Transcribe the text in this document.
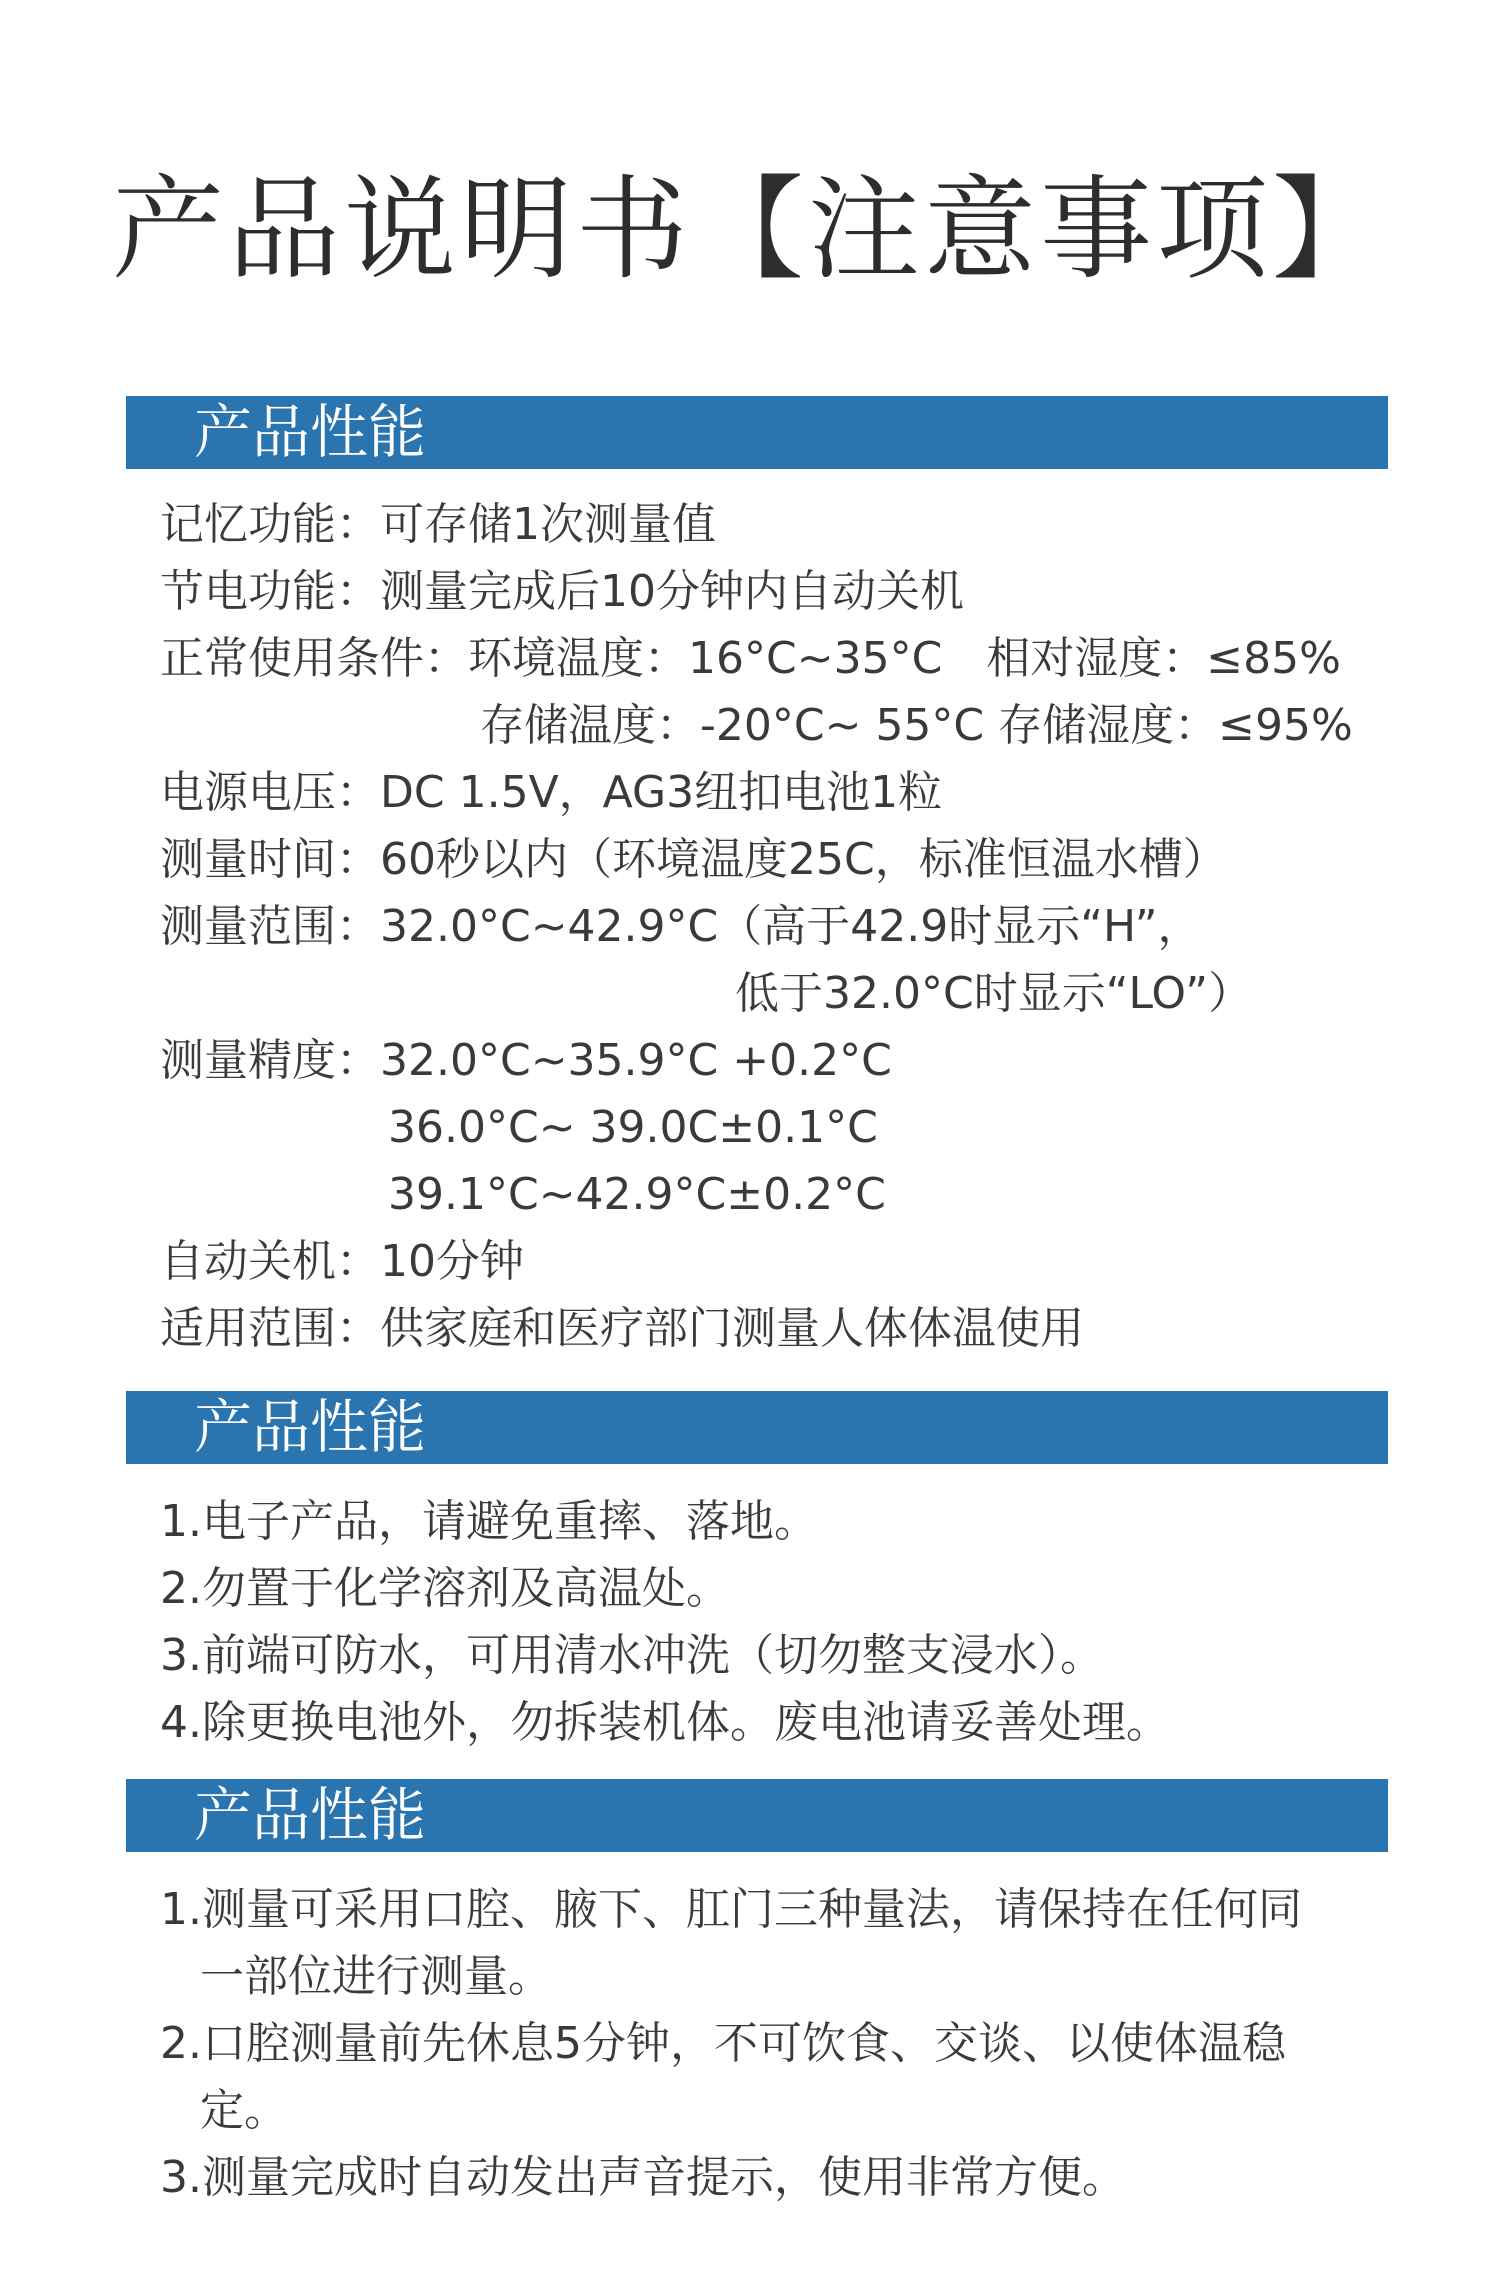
产品说明书【注意事项】
产品性能
记忆功能：可存储1次测量值
节电功能：测量完成后10分钟内自动关机
正常使用条件：环境温度：16°C~35°C　相对湿度：≤85%
存储温度：-20°C~ 55°C 存储湿度：≤95%
电源电压：DC 1.5V，AG3纽扣电池1粒
测量时间：60秒以内（环境温度25C，标准恒温水槽）
测量范围：32.0°C~42.9°C（高于42.9时显示“H”，
低于32.0°C时显示“LO”）
测量精度：32.0°C~35.9°C +0.2°C
36.0°C~ 39.0C±0.1°C
39.1°C~42.9°C±0.2°C
自动关机：10分钟
适用范围：供家庭和医疗部门测量人体体温使用
产品性能
1.电子产品，请避免重摔、落地。
2.勿置于化学溶剂及高温处。
3.前端可防水，可用清水冲洗（切勿整支浸水）。
4.除更换电池外，勿拆装机体。废电池请妥善处理。
产品性能
1.测量可采用口腔、腋下、肛门三种量法，请保持在任何同
一部位进行测量。
2.口腔测量前先休息5分钟，不可饮食、交谈、以使体温稳
定。
3.测量完成时自动发出声音提示，使用非常方便。
